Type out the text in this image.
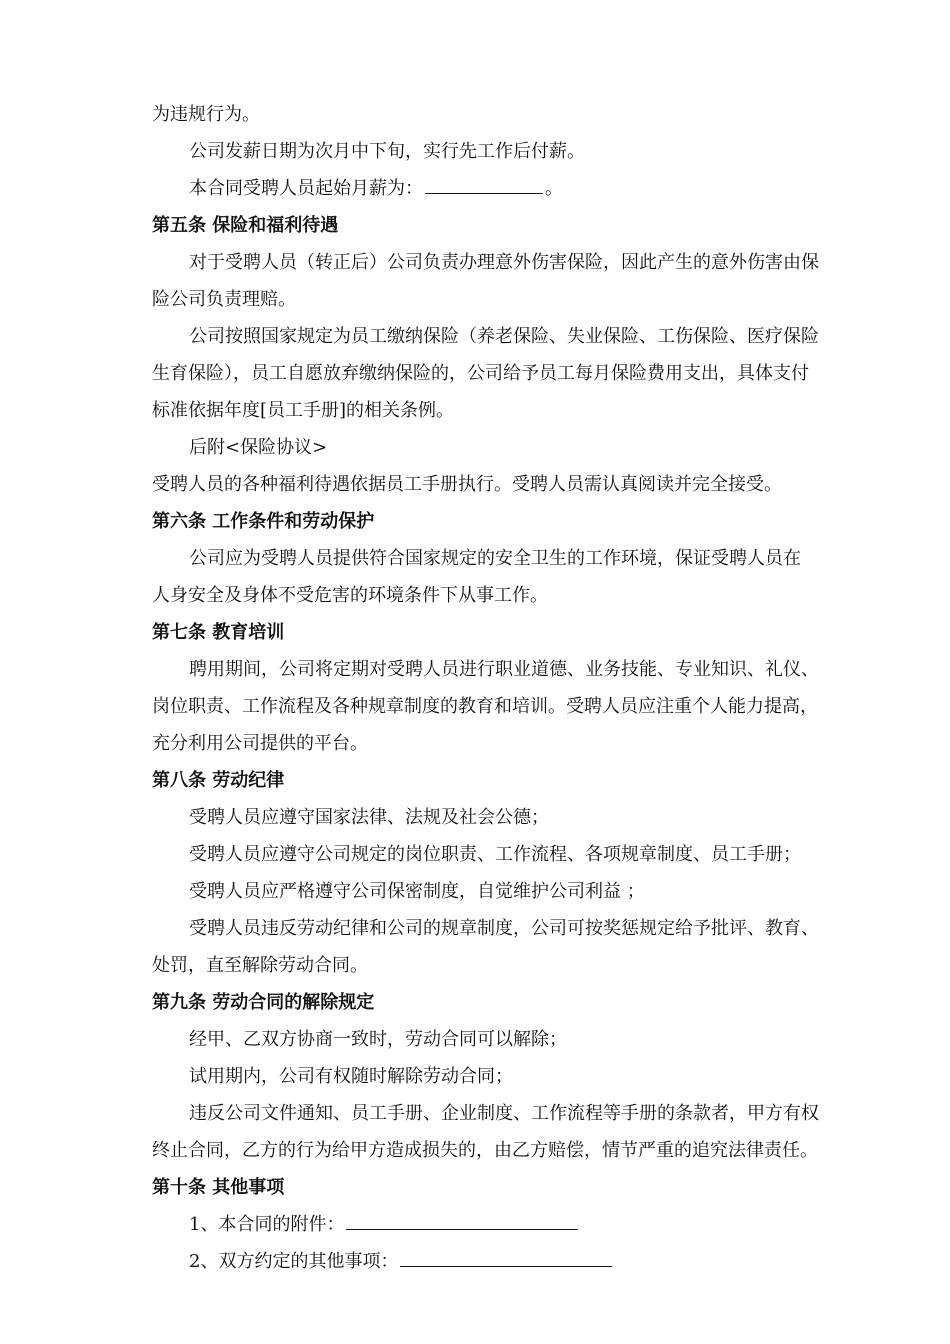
为违规行为。
公司发薪日期为次月中下旬，实行先工作后付薪。
本合同受聘人员起始月薪为：	。
第五条 保险和福利待遇
对于受聘人员（转正后）公司负责办理意外伤害保险，因此产生的意外伤害由保
险公司负责理赔。
公司按照国家规定为员工缴纳保险（养老保险、失业保险、工伤保险、医疗保险
生育保险），员工自愿放弃缴纳保险的，公司给予员工每月保险费用支出，具体支付
标准依据年度[员工手册]的相关条例。
后附<保险协议>
受聘人员的各种福利待遇依据员工手册执行。受聘人员需认真阅读并完全接受。
第六条 工作条件和劳动保护
公司应为受聘人员提供符合国家规定的安全卫生的工作环境，保证受聘人员在
人身安全及身体不受危害的环境条件下从事工作。
第七条 教育培训
聘用期间，公司将定期对受聘人员进行职业道德、业务技能、专业知识、礼仪、
岗位职责、工作流程及各种规章制度的教育和培训。受聘人员应注重个人能力提高，
充分利用公司提供的平台。
第八条 劳动纪律
受聘人员应遵守国家法律、法规及社会公德；
受聘人员应遵守公司规定的岗位职责、工作流程、各项规章制度、员工手册；
受聘人员应严格遵守公司保密制度，自觉维护公司利益 ；
受聘人员违反劳动纪律和公司的规章制度，公司可按奖惩规定给予批评、教育、
处罚，直至解除劳动合同。
第九条 劳动合同的解除规定
经甲、乙双方协商一致时，劳动合同可以解除；
试用期内，公司有权随时解除劳动合同；
违反公司文件通知、员工手册、企业制度、工作流程等手册的条款者，甲方有权
终止合同，乙方的行为给甲方造成损失的，由乙方赔偿，情节严重的追究法律责任。
第十条 其他事项
1、本合同的附件：
2、双方约定的其他事项：
